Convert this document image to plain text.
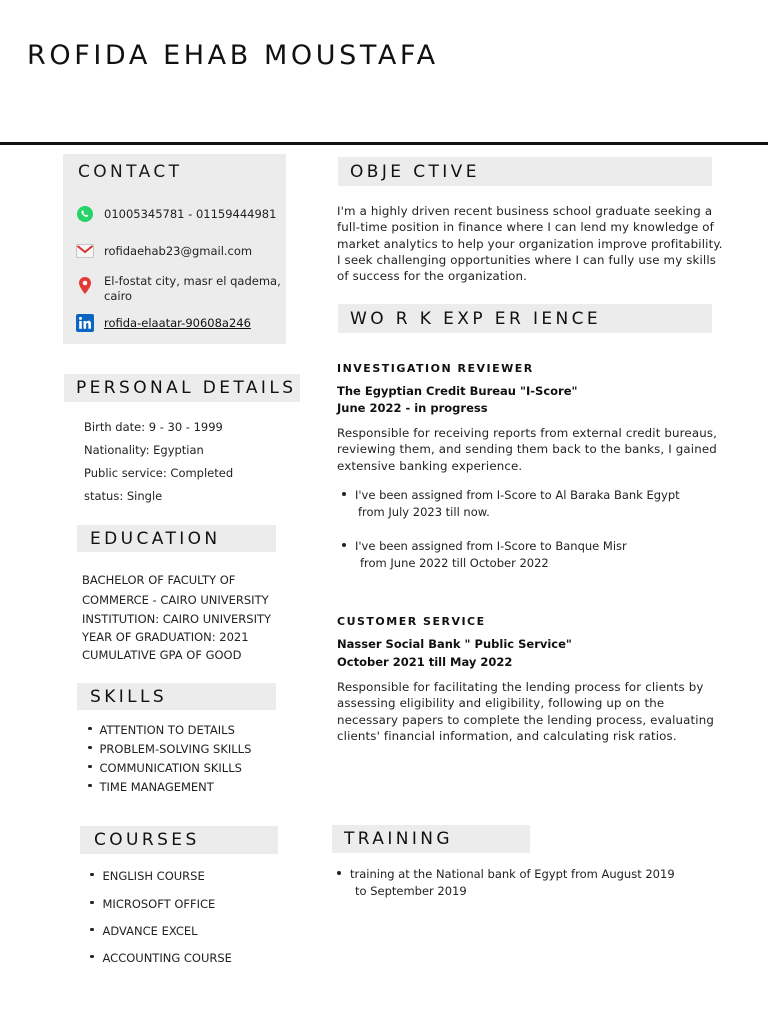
ROFIDA EHAB MOUSTAFA
CONTACT
01005345781 - 01159444981
rofidaehab23@gmail.com
El-fostat city, masr el qadema,
cairo
rofida-elaatar-90608a246
PERSONAL DETAILS
Birth date: 9 - 30 - 1999
Nationality: Egyptian
Public service: Completed
status: Single
EDUCATION
BACHELOR OF FACULTY OF
COMMERCE - CAIRO UNIVERSITY
INSTITUTION: CAIRO UNIVERSITY
YEAR OF GRADUATION: 2021
CUMULATIVE GPA OF GOOD
SKILLS
ATTENTION TO DETAILS
PROBLEM-SOLVING SKILLS
COMMUNICATION SKILLS
TIME MANAGEMENT
COURSES
ENGLISH COURSE
MICROSOFT OFFICE
ADVANCE EXCEL
ACCOUNTING COURSE
OBJE CTIVE
I'm a highly driven recent business school graduate seeking a
full-time position in finance where I can lend my knowledge of
market analytics to help your organization improve profitability.
I seek challenging opportunities where I can fully use my skills
of success for the organization.
WO R K EXP ER IENCE
INVESTIGATION REVIEWER
The Egyptian Credit Bureau "I-Score"
June 2022 - in progress
Responsible for receiving reports from external credit bureaus,
reviewing them, and sending them back to the banks, I gained
extensive banking experience.
I've been assigned from I-Score to Al Baraka Bank Egypt
from July 2023 till now.
I've been assigned from I-Score to Banque Misr
from June 2022 till October 2022
CUSTOMER SERVICE
Nasser Social Bank " Public Service"
October 2021 till May 2022
Responsible for facilitating the lending process for clients by
assessing eligibility and eligibility, following up on the
necessary papers to complete the lending process, evaluating
clients' financial information, and calculating risk ratios.
TRAINING
training at the National bank of Egypt from August 2019
to September 2019
